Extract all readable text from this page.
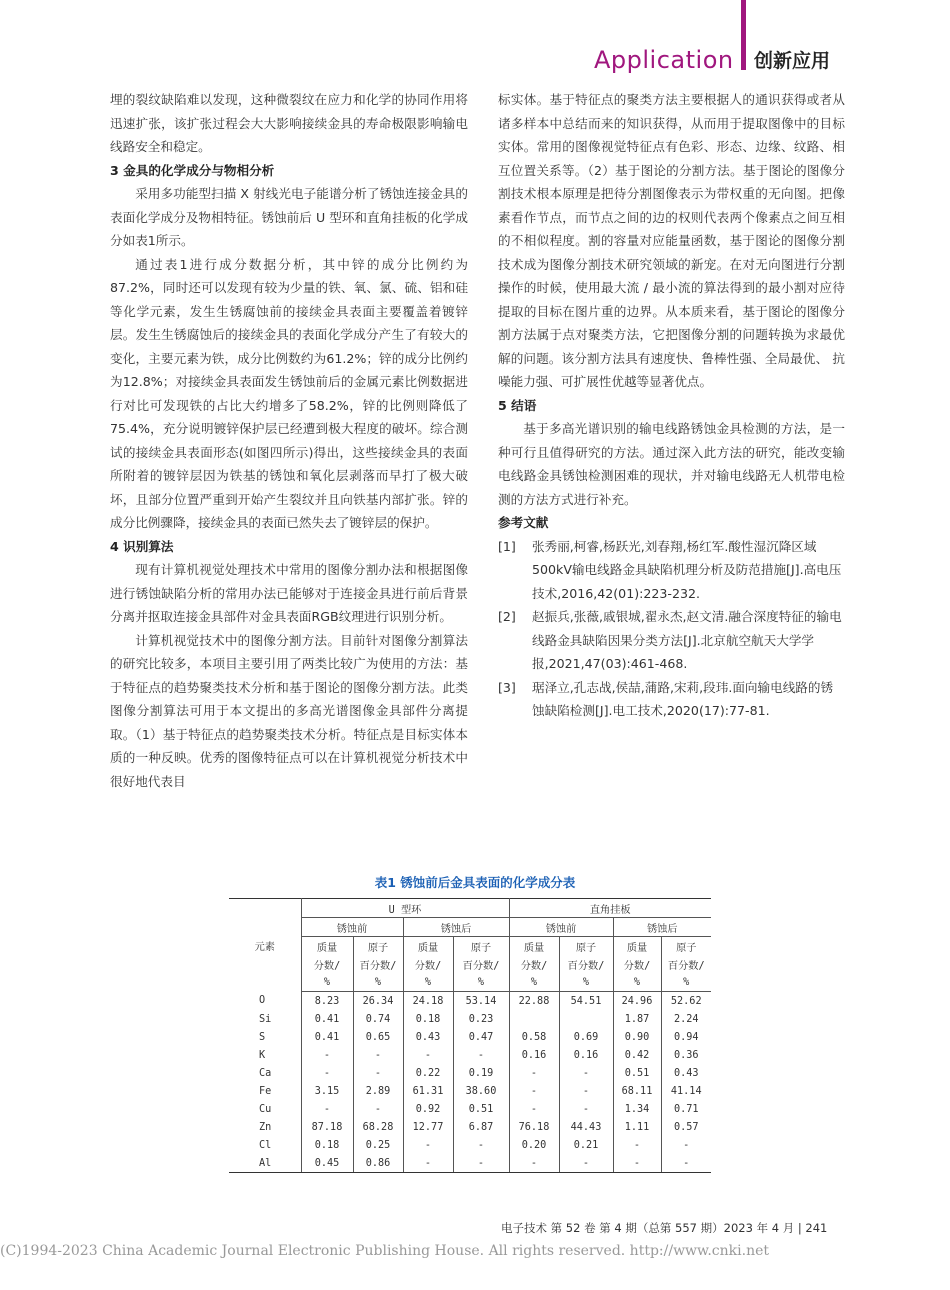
Application 创新应用

埋的裂纹缺陷难以发现，这种微裂纹在应力和化学的协同作用将迅速扩张，该扩张过程会大大影响接续金具的寿命极限影响输电线路安全和稳定。

3 金具的化学成分与物相分析

采用多功能型扫描 X 射线光电子能谱分析了锈蚀连接金具的表面化学成分及物相特征。锈蚀前后 U 型环和直角挂板的化学成分如表1所示。

通过表1进行成分数据分析，其中锌的成分比例约为87.2%，同时还可以发现有较为少量的铁、氧、氯、硫、铝和硅等化学元素，发生生锈腐蚀前的接续金具表面主要覆盖着镀锌层。发生生锈腐蚀后的接续金具的表面化学成分产生了有较大的变化，主要元素为铁，成分比例数约为61.2%；锌的成分比例约为12.8%；对接续金具表面发生锈蚀前后的金属元素比例数据进行对比可发现铁的占比大约增多了58.2%，锌的比例则降低了75.4%，充分说明镀锌保护层已经遭到极大程度的破坏。综合测试的接续金具表面形态(如图四所示)得出，这些接续金具的表面所附着的镀锌层因为铁基的锈蚀和氧化层剥落而早打了极大破坏，且部分位置严重到开始产生裂纹并且向铁基内部扩张。锌的成分比例骤降，接续金具的表面已然失去了镀锌层的保护。

4 识别算法

现有计算机视觉处理技术中常用的图像分割办法和根据图像进行锈蚀缺陷分析的常用办法已能够对于连接金具进行前后背景分离并抠取连接金具部件对金具表面RGB纹理进行识别分析。

计算机视觉技术中的图像分割方法。目前针对图像分割算法的研究比较多，本项目主要引用了两类比较广为使用的方法：基于特征点的趋势聚类技术分析和基于图论的图像分割方法。此类图像分割算法可用于本文提出的多高光谱图像金具部件分离提取。（1）基于特征点的趋势聚类技术分析。特征点是目标实体本质的一种反映。优秀的图像特征点可以在计算机视觉分析技术中很好地代表目

标实体。基于特征点的聚类方法主要根据人的通识获得或者从诸多样本中总结而来的知识获得，从而用于提取图像中的目标实体。常用的图像视觉特征点有色彩、形态、边缘、纹路、相互位置关系等。（2）基于图论的分割方法。基于图论的图像分割技术根本原理是把待分割图像表示为带权重的无向图。把像素看作节点，而节点之间的边的权则代表两个像素点之间互相的不相似程度。割的容量对应能量函数，基于图论的图像分割技术成为图像分割技术研究领域的新宠。在对无向图进行分割操作的时候，使用最大流 / 最小流的算法得到的最小割对应待提取的目标在图片重的边界。从本质来看，基于图论的图像分割方法属于点对聚类方法，它把图像分割的问题转换为求最优解的问题。该分割方法具有速度快、鲁棒性强、全局最优、 抗噪能力强、可扩展性优越等显著优点。

5 结语

基于多高光谱识别的输电线路锈蚀金具检测的方法，是一种可行且值得研究的方法。通过深入此方法的研究，能改变输电线路金具锈蚀检测困难的现状，并对输电线路无人机带电检测的方法方式进行补充。

参考文献
[1]	张秀丽,柯睿,杨跃光,刘春翔,杨红军.酸性湿沉降区域500kV输电线路金具缺陷机理分析及防范措施[J].高电压技术,2016,42(01):223-232.
[2]	赵振兵,张薇,戚银城,翟永杰,赵文清.融合深度特征的输电线路金具缺陷因果分类方法[J].北京航空航天大学学报,2021,47(03):461-468.
[3]	琚泽立,孔志战,侯喆,蒲路,宋莉,段玮.面向输电线路的锈蚀缺陷检测[J].电工技术,2020(17):77-81.
表1 锈蚀前后金具表面的化学成分表
元素	U 型环				直角挂板			
	锈蚀前		锈蚀后		锈蚀前		锈蚀后	
	质量	原子	质量	原子	质量	原子	质量	原子
	分数/	百分数/	分数/	百分数/	分数/	百分数/	分数/	百分数/
	%	%	%	%	%	%	%	%
O	8.23	26.34	24.18	53.14	22.88	54.51	24.96	52.62
Si	0.41	0.74	0.18	0.23			1.87	2.24
S	0.41	0.65	0.43	0.47	0.58	0.69	0.90	0.94
K	-	-	-	-	0.16	0.16	0.42	0.36
Ca	-	-	0.22	0.19	-	-	0.51	0.43
Fe	3.15	2.89	61.31	38.60	-	-	68.11	41.14
Cu	-	-	0.92	0.51	-	-	1.34	0.71
Zn	87.18	68.28	12.77	6.87	76.18	44.43	1.11	0.57
Cl	0.18	0.25	-	-	0.20	0.21	-	-
Al	0.45	0.86	-	-	-	-	-	-
电子技术 第 52 卷 第 4 期（总第 557 期）2023 年 4 月 | 241
(C)1994-2023 China Academic Journal Electronic Publishing House. All rights reserved. http://www.cnki.net
